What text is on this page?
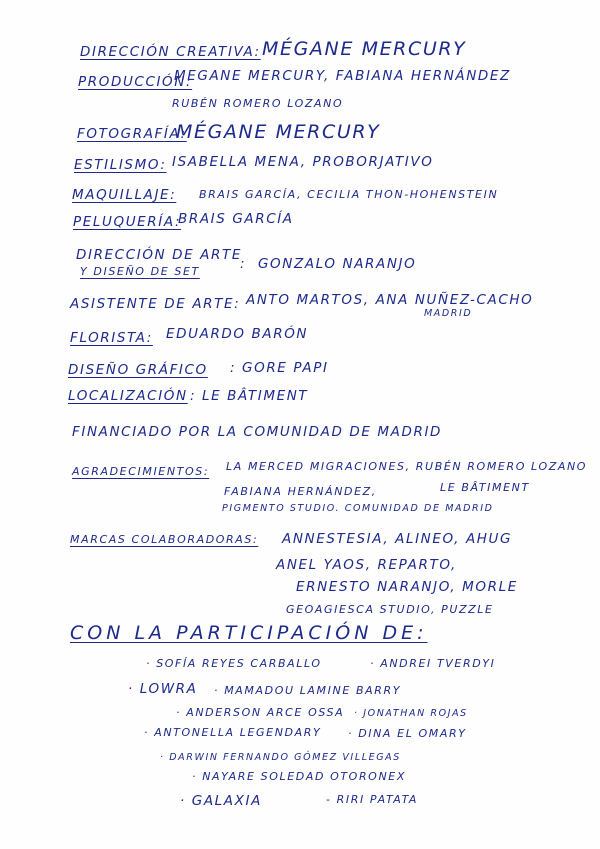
DIRECCIÓN CREATIVA: MÉGANE MERCURY
PRODUCCIÓN:
MEGANE MERCURY, FABIANA HERNÁNDEZ
RUBÉN ROMERO LOZANO
FOTOGRAFÍA:
MÉGANE MERCURY
ESTILISMO: ISABELLA MENA, PROBORJATIVO
MAQUILLAJE: BRAIS GARCÍA, CECILIA THON-HOHENSTEIN
PELUQUERÍA:
BRAIS GARCÍA
DIRECCIÓN DE ARTE
Y DISEÑO DE SET	: GONZALO NARANJO
ASISTENTE DE ARTE: ANTO MARTOS, ANA NUÑEZ-CACHO
MADRID
FLORISTA: EDUARDO BARÓN
DISEÑO GRÁFICO : GORE PAPI
LOCALIZACIÓN : LE BÂTIMENT
FINANCIADO POR LA COMUNIDAD DE MADRID
AGRADECIMIENTOS: LA MERCED MIGRACIONES, RUBÉN ROMERO LOZANO
FABIANA HERNÁNDEZ,	LE BÂTIMENT
PIGMENTO STUDIO. COMUNIDAD DE MADRID
MARCAS COLABORADORAS: ANNESTESIA, ALINEO, AHUG
ANEL YAOS, REPARTO,
ERNESTO NARANJO, MORLE
GEOAGIESCA STUDIO, PUZZLE
CON LA PARTICIPACIÓN DE:
· SOFÍA REYES CARBALLO	· ANDREI TVERDYI
· LOWRA · MAMADOU LAMINE BARRY
· ANDERSON ARCE OSSA · JONATHAN ROJAS
· ANTONELLA LEGENDARY · DINA EL OMARY
· DARWIN FERNANDO GÓMEZ VILLEGAS
· NAYARE SOLEDAD OTORONEX
· GALAXIA	- RIRI PATATA
